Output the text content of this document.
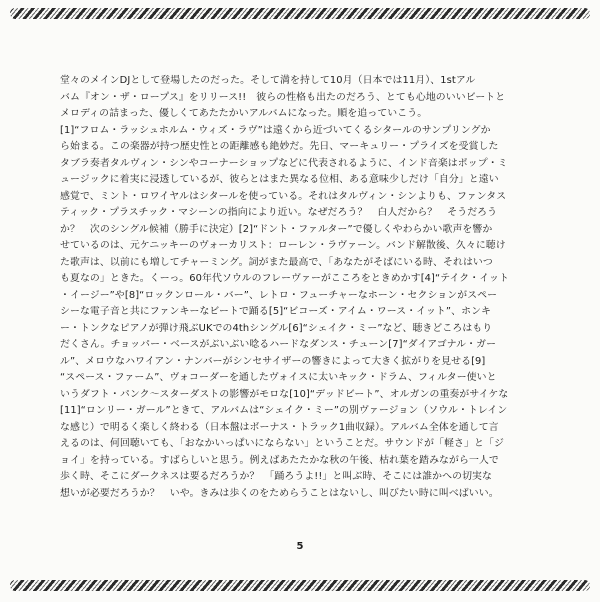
堂々のメインDJとして登場したのだった。そして満を持して10月（日本では11月）、1stアル
バム『オン・ザ・ロープス』をリリース!!　彼らの性格も出たのだろう、とても心地のいいビートと
メロディの詰まった、優しくてあたたかいアルバムになった。順を追っていこう。
[1]“フロム・ラッシュホルム・ウィズ・ラヴ”は遠くから近づいてくるシタールのサンプリングか
ら始まる。この楽器が持つ歴史性との距離感も絶妙だ。先日、マーキュリー・プライズを受賞した
タブラ奏者タルヴィン・シンやコーナーショップなどに代表されるように、インド音楽はポップ・ミ
ュージックに着実に浸透しているが、彼らとはまた異なる位相、ある意味少しだけ「自分」と遠い
感覚で、ミント・ロワイヤルはシタールを使っている。それはタルヴィン・シンよりも、ファンタス
ティック・プラスチック・マシーンの指向により近い。なぜだろう？　白人だから？　そうだろう
か？　次のシングル候補（勝手に決定）[2]“ドント・ファルター”で優しくやわらかい歌声を響か
せているのは、元ケニッキーのヴォーカリスト：ローレン・ラヴァーン。バンド解散後、久々に聴け
た歌声は、以前にも増してチャーミング。詞がまた最高で、「あなたがそばにいる時、それはいつ
も夏なの」ときた。くーっ。60年代ソウルのフレーヴァーがこころをときめかす[4]“テイク・イット
・イージー”や[8]“ロックンロール・バー”、レトロ・フューチャーなホーン・セクションがスペー
シーな電子音と共にファンキーなビートで踊る[5]“ビコーズ・アイム・ワース・イット”、ホンキ
ー・トンクなピアノが弾け飛ぶUKでの4thシングル[6]“シェイク・ミー”など、聴きどころはもり
だくさん。チョッパー・ベースがぶいぶい唸るハードなダンス・チューン[7]“ダイアゴナル・ガー
ル”、メロウなハワイアン・ナンバーがシンセサイザーの響きによって大きく拡がりを見せる[9]
“スペース・ファーム”、ヴォコーダーを通したヴォイスに太いキック・ドラム、フィルター使いと
いうダフト・パンク～スターダストの影響がモロな[10]“デッドビート”、オルガンの重奏がサイケな
[11]“ロンリー・ガール”ときて、アルバムは“シェイク・ミー”の別ヴァージョン（ソウル・トレイン
な感じ）で明るく楽しく終わる（日本盤はボーナス・トラック1曲収録）。アルバム全体を通して言
えるのは、何回聴いても、「おなかいっぱいにならない」ということだ。サウンドが「軽さ」と「ジ
ョイ」を持っている。すばらしいと思う。例えばあたたかな秋の午後、枯れ葉を踏みながら一人で
歩く時、そこにダークネスは要るだろうか？　「踊ろうよ!!」と叫ぶ時、そこには誰かへの切実な
想いが必要だろうか？　いや。きみは歩くのをためらうことはないし、叫びたい時に叫べばいい。
5
